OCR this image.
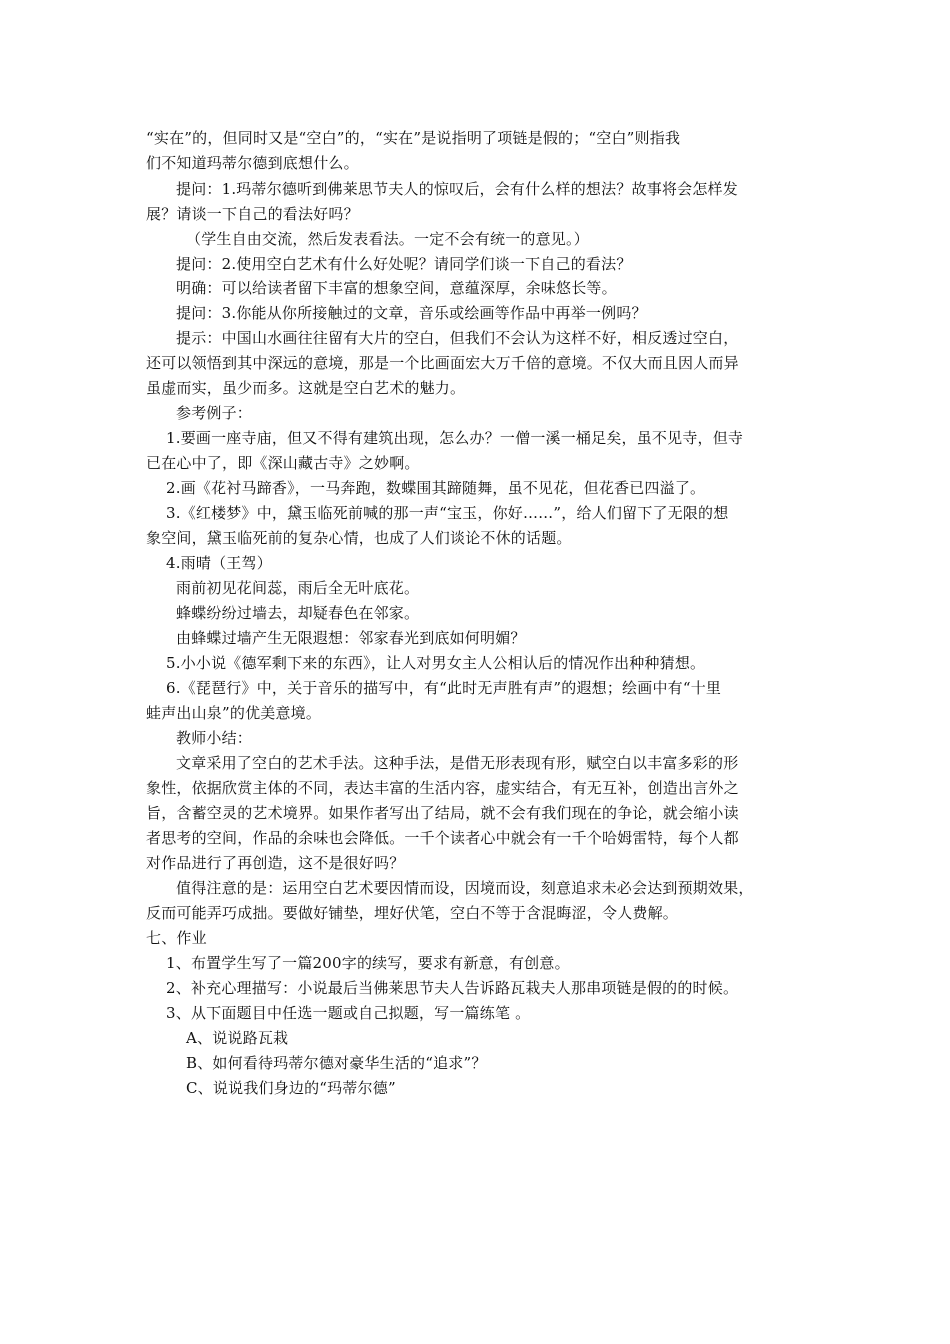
“实在”的，但同时又是“空白”的，“实在”是说指明了项链是假的；“空白”则指我
们不知道玛蒂尔德到底想什么。
提问：1.玛蒂尔德听到佛莱思节夫人的惊叹后，会有什么样的想法？故事将会怎样发
展？请谈一下自己的看法好吗？
（学生自由交流，然后发表看法。一定不会有统一的意见。）
提问：2.使用空白艺术有什么好处呢？请同学们谈一下自己的看法？
明确：可以给读者留下丰富的想象空间，意蕴深厚，余味悠长等。
提问：3.你能从你所接触过的文章，音乐或绘画等作品中再举一例吗？
提示：中国山水画往往留有大片的空白，但我们不会认为这样不好，相反透过空白，
还可以领悟到其中深远的意境，那是一个比画面宏大万千倍的意境。不仅大而且因人而异
虽虚而实，虽少而多。这就是空白艺术的魅力。
参考例子：
1.要画一座寺庙，但又不得有建筑出现，怎么办？一僧一溪一桶足矣，虽不见寺，但寺
已在心中了，即《深山藏古寺》之妙啊。
2.画《花衬马蹄香》，一马奔跑，数蝶围其蹄随舞，虽不见花，但花香已四溢了。
3.《红楼梦》中，黛玉临死前喊的那一声“宝玉，你好……”，给人们留下了无限的想
象空间，黛玉临死前的复杂心情，也成了人们谈论不休的话题。
4.雨晴（王驾）
雨前初见花间蕊，雨后全无叶底花。
蜂蝶纷纷过墙去，却疑春色在邻家。
由蜂蝶过墙产生无限遐想：邻家春光到底如何明媚？
5.小小说《德军剩下来的东西》，让人对男女主人公相认后的情况作出种种猜想。
6.《琵琶行》中，关于音乐的描写中，有“此时无声胜有声”的遐想；绘画中有“十里
蛙声出山泉”的优美意境。
教师小结：
文章采用了空白的艺术手法。这种手法，是借无形表现有形，赋空白以丰富多彩的形
象性，依据欣赏主体的不同，表达丰富的生活内容，虚实结合，有无互补，创造出言外之
旨，含蓄空灵的艺术境界。如果作者写出了结局，就不会有我们现在的争论，就会缩小读
者思考的空间，作品的余味也会降低。一千个读者心中就会有一千个哈姆雷特，每个人都
对作品进行了再创造，这不是很好吗？
值得注意的是：运用空白艺术要因情而设，因境而设，刻意追求未必会达到预期效果，
反而可能弄巧成拙。要做好铺垫，埋好伏笔，空白不等于含混晦涩，令人费解。
七、作业
1、布置学生写了一篇200字的续写，要求有新意，有创意。
2、补充心理描写：小说最后当佛莱思节夫人告诉路瓦栽夫人那串项链是假的的时候。
3、从下面题目中任选一题或自己拟题，写一篇练笔 。
A、说说路瓦栽
B、如何看待玛蒂尔德对豪华生活的“追求”？
C、说说我们身边的“玛蒂尔德”
